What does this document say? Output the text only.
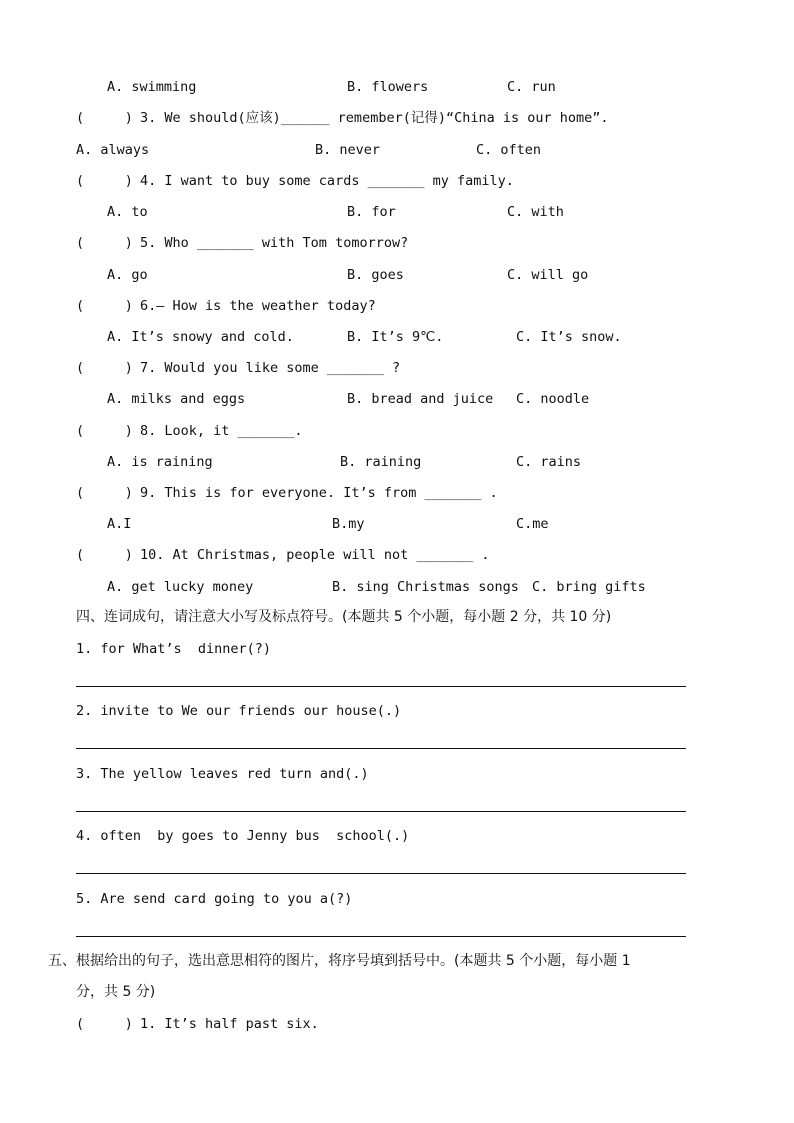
A. swimming	B. flowers	C. run
(     ) 3. We should(应该)______ remember(记得)“China is our home”.
A. always	B. never	C. often
(     ) 4. I want to buy some cards _______ my family.
A. to	B. for	C. with
(     ) 5. Who _______ with Tom tomorrow?
A. go	B. goes	C. will go
(     ) 6.— How is the weather today?
A. It’s snowy and cold.	B. It’s 9℃.	C. It’s snow.
(     ) 7. Would you like some _______ ?
A. milks and eggs	B. bread and juice C. noodle
(     ) 8. Look, it _______.
A. is raining	B. raining	C. rains
(     ) 9. This is for everyone. It’s from _______ .
A.I	B.my	C.me
(     ) 10. At Christmas, people will not _______ .
A. get lucky money	B. sing Christmas songs C. bring gifts
四、连词成句，请注意大小写及标点符号。(本题共 5 个小题，每小题 2 分，共 10 分)
1. for What’s  dinner(?)
2. invite to We our friends our house(.)
3. The yellow leaves red turn and(.)
4. often  by goes to Jenny bus  school(.)
5. Are send card going to you a(?)
五、根据给出的句子，选出意思相符的图片，将序号填到括号中。(本题共 5 个小题，每小题 1
分，共 5 分)
(     ) 1. It’s half past six.
